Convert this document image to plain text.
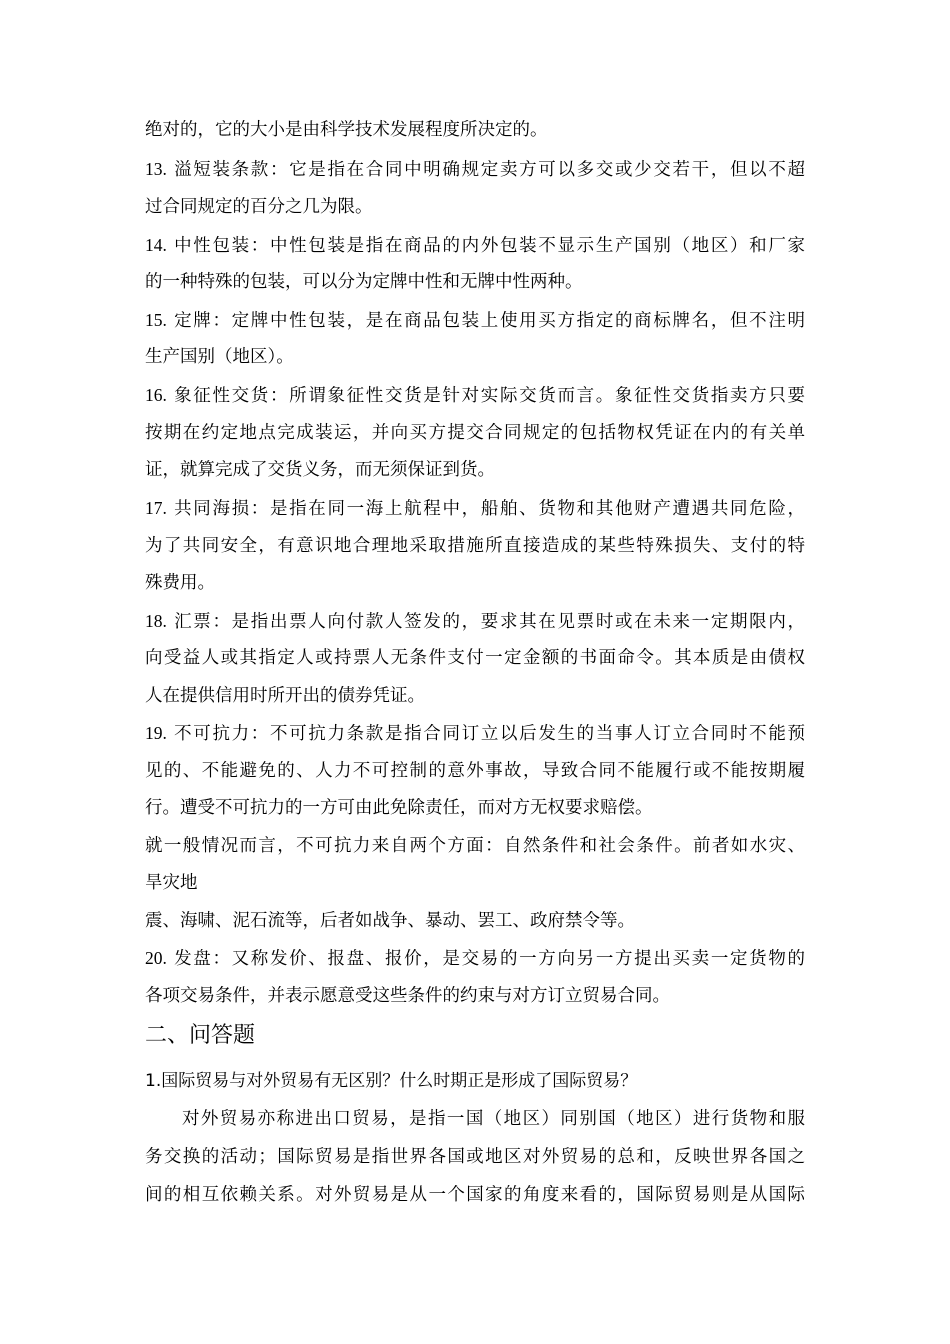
绝对的，它的大小是由科学技术发展程度所决定的。
13. 溢短装条款：它是指在合同中明确规定卖方可以多交或少交若干，但以不超
过合同规定的百分之几为限。
14. 中性包装：中性包装是指在商品的内外包装不显示生产国别（地区）和厂家
的一种特殊的包装，可以分为定牌中性和无牌中性两种。
15. 定牌：定牌中性包装，是在商品包装上使用买方指定的商标牌名，但不注明
生产国别（地区）。
16. 象征性交货：所谓象征性交货是针对实际交货而言。象征性交货指卖方只要
按期在约定地点完成装运，并向买方提交合同规定的包括物权凭证在内的有关单
证，就算完成了交货义务，而无须保证到货。
17. 共同海损：是指在同一海上航程中，船舶、货物和其他财产遭遇共同危险，
为了共同安全，有意识地合理地采取措施所直接造成的某些特殊损失、支付的特
殊费用。
18. 汇票：是指出票人向付款人签发的，要求其在见票时或在未来一定期限内，
向受益人或其指定人或持票人无条件支付一定金额的书面命令。其本质是由债权
人在提供信用时所开出的债券凭证。
19. 不可抗力：不可抗力条款是指合同订立以后发生的当事人订立合同时不能预
见的、不能避免的、人力不可控制的意外事故，导致合同不能履行或不能按期履
行。遭受不可抗力的一方可由此免除责任，而对方无权要求赔偿。
就一般情况而言，不可抗力来自两个方面：自然条件和社会条件。前者如水灾、
旱灾地
震、海啸、泥石流等，后者如战争、暴动、罢工、政府禁令等。
20. 发盘：又称发价、报盘、报价，是交易的一方向另一方提出买卖一定货物的
各项交易条件，并表示愿意受这些条件的约束与对方订立贸易合同。
二、问答题
1.国际贸易与对外贸易有无区别？什么时期正是形成了国际贸易？
对外贸易亦称进出口贸易，是指一国（地区）同别国（地区）进行货物和服
务交换的活动；国际贸易是指世界各国或地区对外贸易的总和，反映世界各国之
间的相互依赖关系。对外贸易是从一个国家的角度来看的，国际贸易则是从国际
